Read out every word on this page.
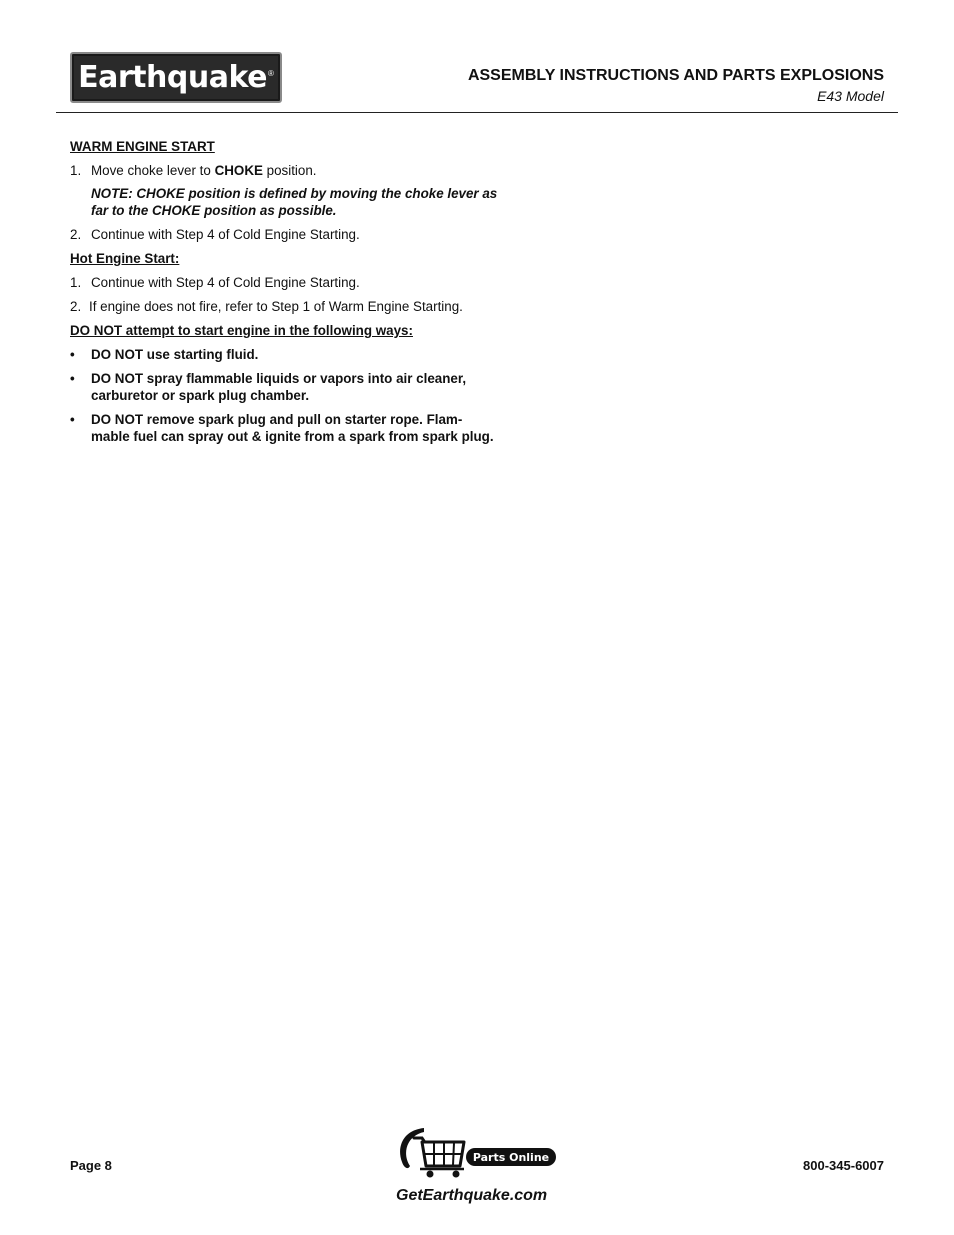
Earthquake ®	ASSEMBLY INSTRUCTIONS AND PARTS EXPLOSIONS
E43 Model
WARM ENGINE START
1. Move choke lever to CHOKE position.
NOTE: CHOKE position is defined by moving the choke lever as far to the CHOKE position as possible.
2. Continue with Step 4 of Cold Engine Starting.
Hot Engine Start:
1. Continue with Step 4 of Cold Engine Starting.
2. If engine does not fire, refer to Step 1 of Warm Engine Starting.
DO NOT attempt to start engine in the following ways:
•	DO NOT use starting fluid.
•	DO NOT spray flammable liquids or vapors into air cleaner, carburetor or spark plug chamber.
•	DO NOT remove spark plug and pull on starter rope. Flam-mable fuel can spray out & ignite from a spark from spark plug.
Page 8
Parts Online
GetEarthquake.com
800-345-6007
